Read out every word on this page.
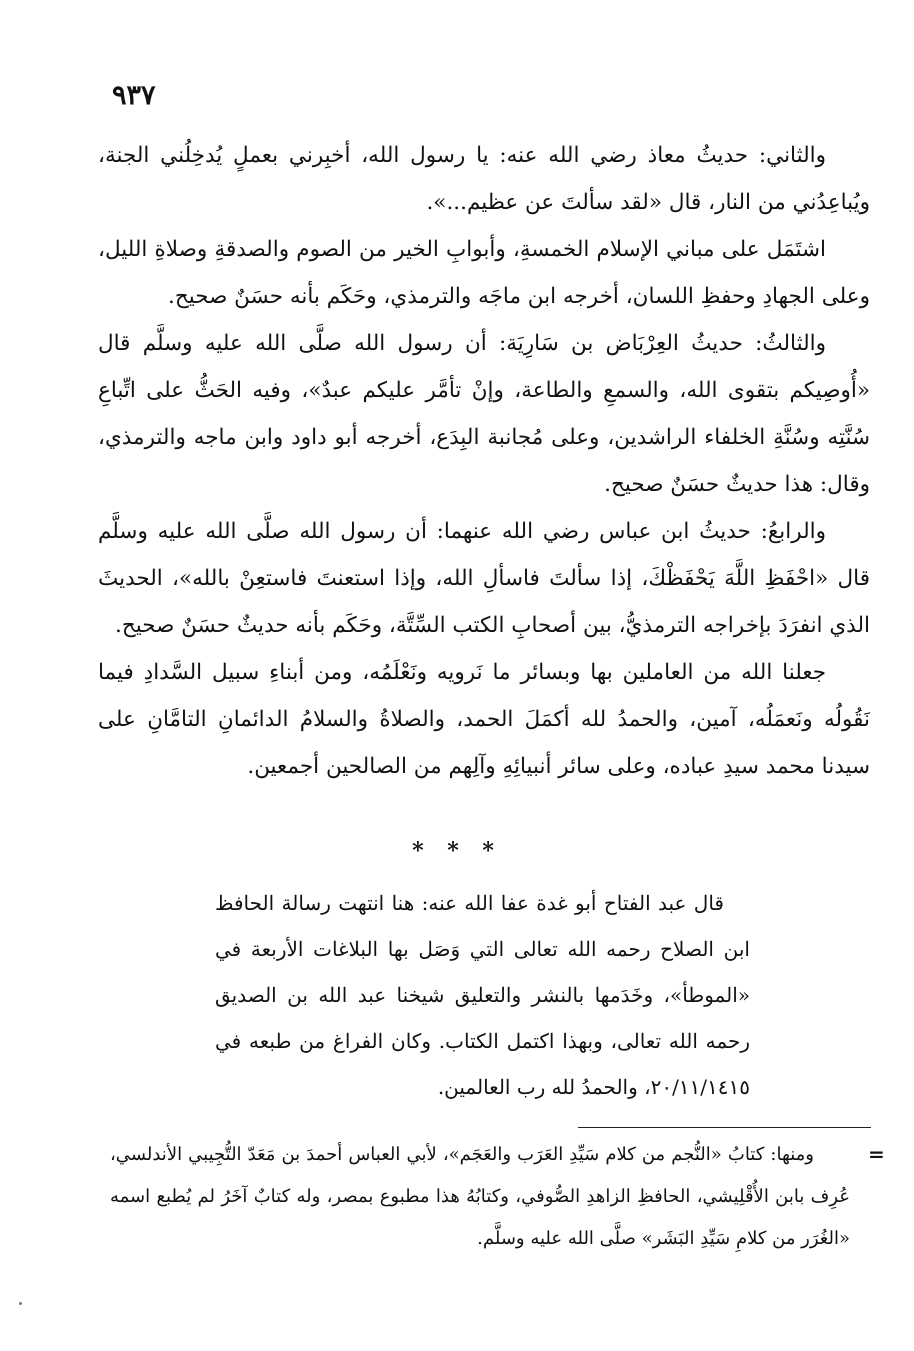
٩٣٧

والثاني: حديثُ معاذ رضي الله عنه: يا رسول الله، أخبِرني بعملٍ يُدخِلُني الجنة، ويُباعِدُني من النار، قال «لقد سألتَ عن عظيم...».

اشتَمَل على مباني الإسلام الخمسةِ، وأبوابِ الخير من الصوم والصدقةِ وصلاةِ الليل، وعلى الجهادِ وحفظِ اللسان، أخرجه ابن ماجَه والترمذي، وحَكَم بأنه حسَنٌ صحيح.

والثالثُ: حديثُ العِرْبَاض بن سَارِيَة: أن رسول الله صلَّى الله عليه وسلَّم قال «أُوصِيكم بتقوى الله، والسمعِ والطاعة، وإنْ تأمَّر عليكم عبدٌ»، وفيه الحَثُّ على اتِّباعِ سُنَّتِه وسُنَّةِ الخلفاء الراشدين، وعلى مُجانبة البِدَع، أخرجه أبو داود وابن ماجه والترمذي، وقال: هذا حديثٌ حسَنٌ صحيح.

والرابعُ: حديثُ ابن عباس رضي الله عنهما: أن رسول الله صلَّى الله عليه وسلَّم قال «احْفَظِ اللَّهَ يَحْفَظْكَ، إذا سألتَ فاسألِ الله، وإذا استعنتَ فاستعِنْ بالله»، الحديثَ الذي انفرَدَ بإخراجه الترمذيُّ، بين أصحابِ الكتب السِّتَّة، وحَكَم بأنه حديثٌ حسَنٌ صحيح.

جعلنا الله من العاملين بها وبسائر ما نَرويه ونَعْلَمُه، ومن أبناءِ سبيل السَّدادِ فيما نَقُولُه ونَعمَلُه، آمين، والحمدُ لله أكمَلَ الحمد، والصلاةُ والسلامُ الدائمانِ التامَّانِ على سيدنا محمد سيدِ عباده، وعلى سائر أنبيائِهِ وآلِهم من الصالحين أجمعين.

* * *

قال عبد الفتاح أبو غدة عفا الله عنه: هنا انتهت رسالة الحافظ ابن الصلاح رحمه الله تعالى التي وَصَل بها البلاغات الأربعة في «الموطأ»، وخَدَمها بالنشر والتعليق شيخنا عبد الله بن الصديق رحمه الله تعالى، وبهذا اكتمل الكتاب. وكان الفراغ من طبعه في ٢٠/١١/١٤١٥، والحمدُ لله رب العالمين.

=

ومنها: كتابُ «النُّجم من كلام سَيِّدِ العَرَب والعَجَم»، لأبي العباس أحمدَ بن مَعَدّ التُّجِيبي الأندلسي، عُرِف بابن الأُقْلِيشي، الحافظِ الزاهدِ الصُّوفي، وكتابُهُ هذا مطبوع بمصر، وله كتابٌ آخَرُ لم يُطبع اسمه «الغُرَر من كلامِ سَيِّدِ البَشَر» صلَّى الله عليه وسلَّم.
